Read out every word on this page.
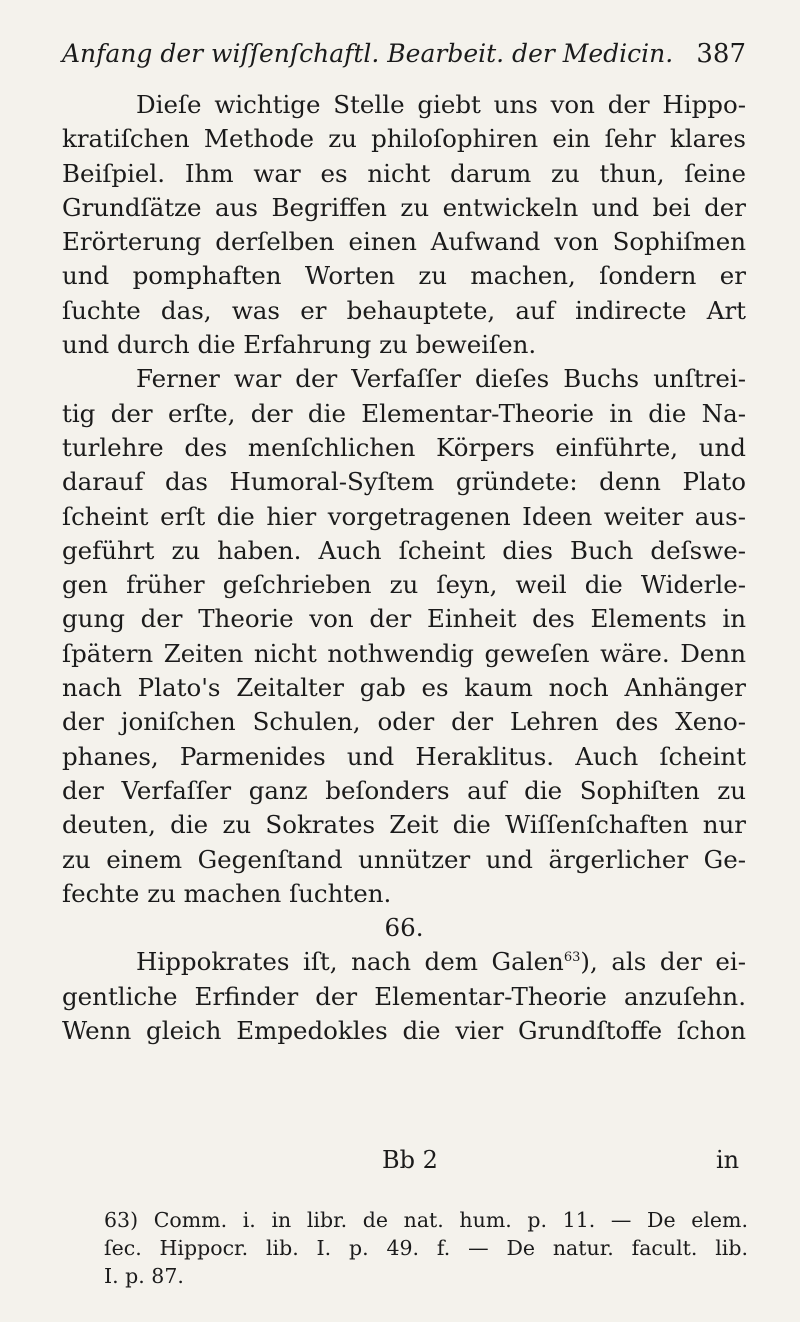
Anfang der wiſſenſchaftl. Bearbeit. der Medicin. 387
Dieſe wichtige Stelle giebt uns von der Hippo-
kratiſchen Methode zu philoſophiren ein ſehr klares
Beiſpiel. Ihm war es nicht darum zu thun, ſeine
Grundſätze aus Begriffen zu entwickeln und bei der
Erörterung derſelben einen Aufwand von Sophiſmen
und pomphaften Worten zu machen, ſondern er
ſuchte das, was er behauptete, auf indirecte Art
und durch die Erfahrung zu beweiſen.
Ferner war der Verfaſſer dieſes Buchs unſtrei-
tig der erſte, der die Elementar-Theorie in die Na-
turlehre des menſchlichen Körpers einführte, und
darauf das Humoral-Syſtem gründete: denn Plato
ſcheint erſt die hier vorgetragenen Ideen weiter aus-
geführt zu haben. Auch ſcheint dies Buch deſswe-
gen früher geſchrieben zu ſeyn, weil die Widerle-
gung der Theorie von der Einheit des Elements in
ſpätern Zeiten nicht nothwendig geweſen wäre. Denn
nach Plato's Zeitalter gab es kaum noch Anhänger
der joniſchen Schulen, oder der Lehren des Xeno-
phanes, Parmenides und Heraklitus. Auch ſcheint
der Verfaſſer ganz beſonders auf die Sophiſten zu
deuten, die zu Sokrates Zeit die Wiſſenſchaften nur
zu einem Gegenſtand unnützer und ärgerlicher Ge-
fechte zu machen ſuchten.
66.
Hippokrates iſt, nach dem Galen$^{63}$), als der ei-
gentliche Erfinder der Elementar-Theorie anzuſehn.
Wenn gleich Empedokles die vier Grundſtoffe ſchon
Bb 2	in
63) Comm. i. in libr. de nat. hum. p. 11. — De elem.
ſec. Hippocr. lib. I. p. 49. f. — De natur. facult. lib.
I. p. 87.
